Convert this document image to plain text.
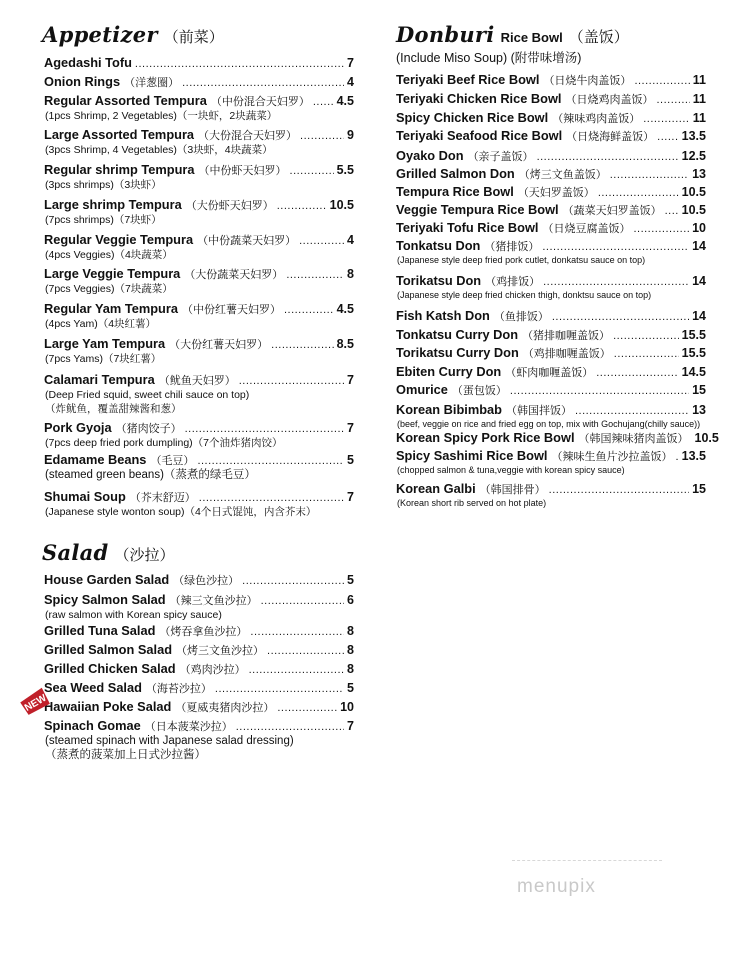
Appetizer （前菜）
Agedashi Tofu .....	7
Onion Rings （洋葱圈） .....	4
Regular Assorted Tempura （中份混合天妇罗） ..... 4.5
(1pcs Shrimp, 2 Vegetables)（一块虾，2块蔬菜）
Large Assorted Tempura （大份混合天妇罗） .....	9
(3pcs Shrimp, 4 Vegetables)（3块虾，4块蔬菜）
Regular shrimp Tempura （中份虾天妇罗） .....	5.5
(3pcs shrimps)（3块虾）
Large shrimp Tempura （大份虾天妇罗） .....	10.5
(7pcs shrimps)（7块虾）
Regular Veggie Tempura （中份蔬菜天妇罗） .....	4
(4pcs Veggies)（4块蔬菜）
Large Veggie Tempura （大份蔬菜天妇罗） .....	8
(7pcs Veggies)（7块蔬菜）
Regular Yam Tempura （中份红薯天妇罗） .....	4.5
(4pcs Yam)（4块红薯）
Large Yam Tempura （大份红薯天妇罗） .....	8.5
(7pcs Yams)（7块红薯）
Calamari Tempura （鱿鱼天妇罗） .....	7
(Deep Fried squid, sweet chili sauce on top)
（炸鱿鱼，覆盖甜辣酱和葱）
Pork Gyoja （猪肉饺子） .....	7
(7pcs deep fried pork dumpling)（7个油炸猪肉饺）
Edamame Beans （毛豆） .....	5
(steamed green beans)（蒸煮的绿毛豆）
Shumai Soup （芥末舒迈） .....	7
(Japanese style wonton soup)（4个日式馄饨，内含芥末）
Salad （沙拉）
House Garden Salad （绿色沙拉） .....	5
Spicy Salmon Salad （辣三文鱼沙拉） .....	6
(raw salmon with Korean spicy sauce)
Grilled Tuna Salad （烤吞拿鱼沙拉） .....	8
Grilled Salmon Salad （烤三文鱼沙拉） .....	8
Grilled Chicken Salad （鸡肉沙拉） .....	8
Sea Weed Salad （海苔沙拉） .....	5
Hawaiian Poke Salad （夏威夷猪肉沙拉） .....	10
Spinach Gomae （日本菠菜沙拉） .....	7
(steamed spinach with Japanese salad dressing)
（蒸煮的菠菜加上日式沙拉酱）
NEW
Donburi Rice Bowl （盖饭）
(Include Miso Soup) (附带味增汤)
Teriyaki Beef Rice Bowl （日烧牛肉盖饭） .....	11
Teriyaki Chicken Rice Bowl （日烧鸡肉盖饭） .....	11
Spicy Chicken Rice Bowl （辣味鸡肉盖饭） .....	11
Teriyaki Seafood Rice Bowl （日烧海鲜盖饭） ..... 13.5
Oyako Don （亲子盖饭） .....	12.5
Grilled Salmon Don （烤三文鱼盖饭） .....	13
Tempura Rice Bowl （天妇罗盖饭） .....	10.5
Veggie Tempura Rice Bowl （蔬菜天妇罗盖饭） ..... 10.5
Teriyaki Tofu Rice Bowl （日烧豆腐盖饭） .....	10
Tonkatsu Don （猪排饭） .....	14
(Japanese style deep fried pork cutlet, donkatsu sauce on top)
Torikatsu Don （鸡排饭） .....	14
(Japanese style deep fried chicken thigh, donktsu sauce on top)
Fish Katsh Don （鱼排饭） .....	14
Tonkatsu Curry Don （猪排咖喱盖饭） .....	15.5
Torikatsu Curry Don （鸡排咖喱盖饭） .....	15.5
Ebiten Curry Don （虾肉咖喱盖饭） .....	14.5
Omurice （蛋包饭） .....	15
Korean Bibimbab （韩国拌饭） .....	13
(beef, veggie on rice and fried egg on top, mix with Gochujang(chilly sauce))
Korean Spicy Pork Rice Bowl （韩国辣味猪肉盖饭） 10.5
Spicy Sashimi Rice Bowl （辣味生鱼片沙拉盖饭） ..... 13.5
(chopped salmon & tuna,veggie with korean spicy sauce)
Korean Galbi （韩国排骨） .....	15
(Korean short rib served on hot plate)
menupix
